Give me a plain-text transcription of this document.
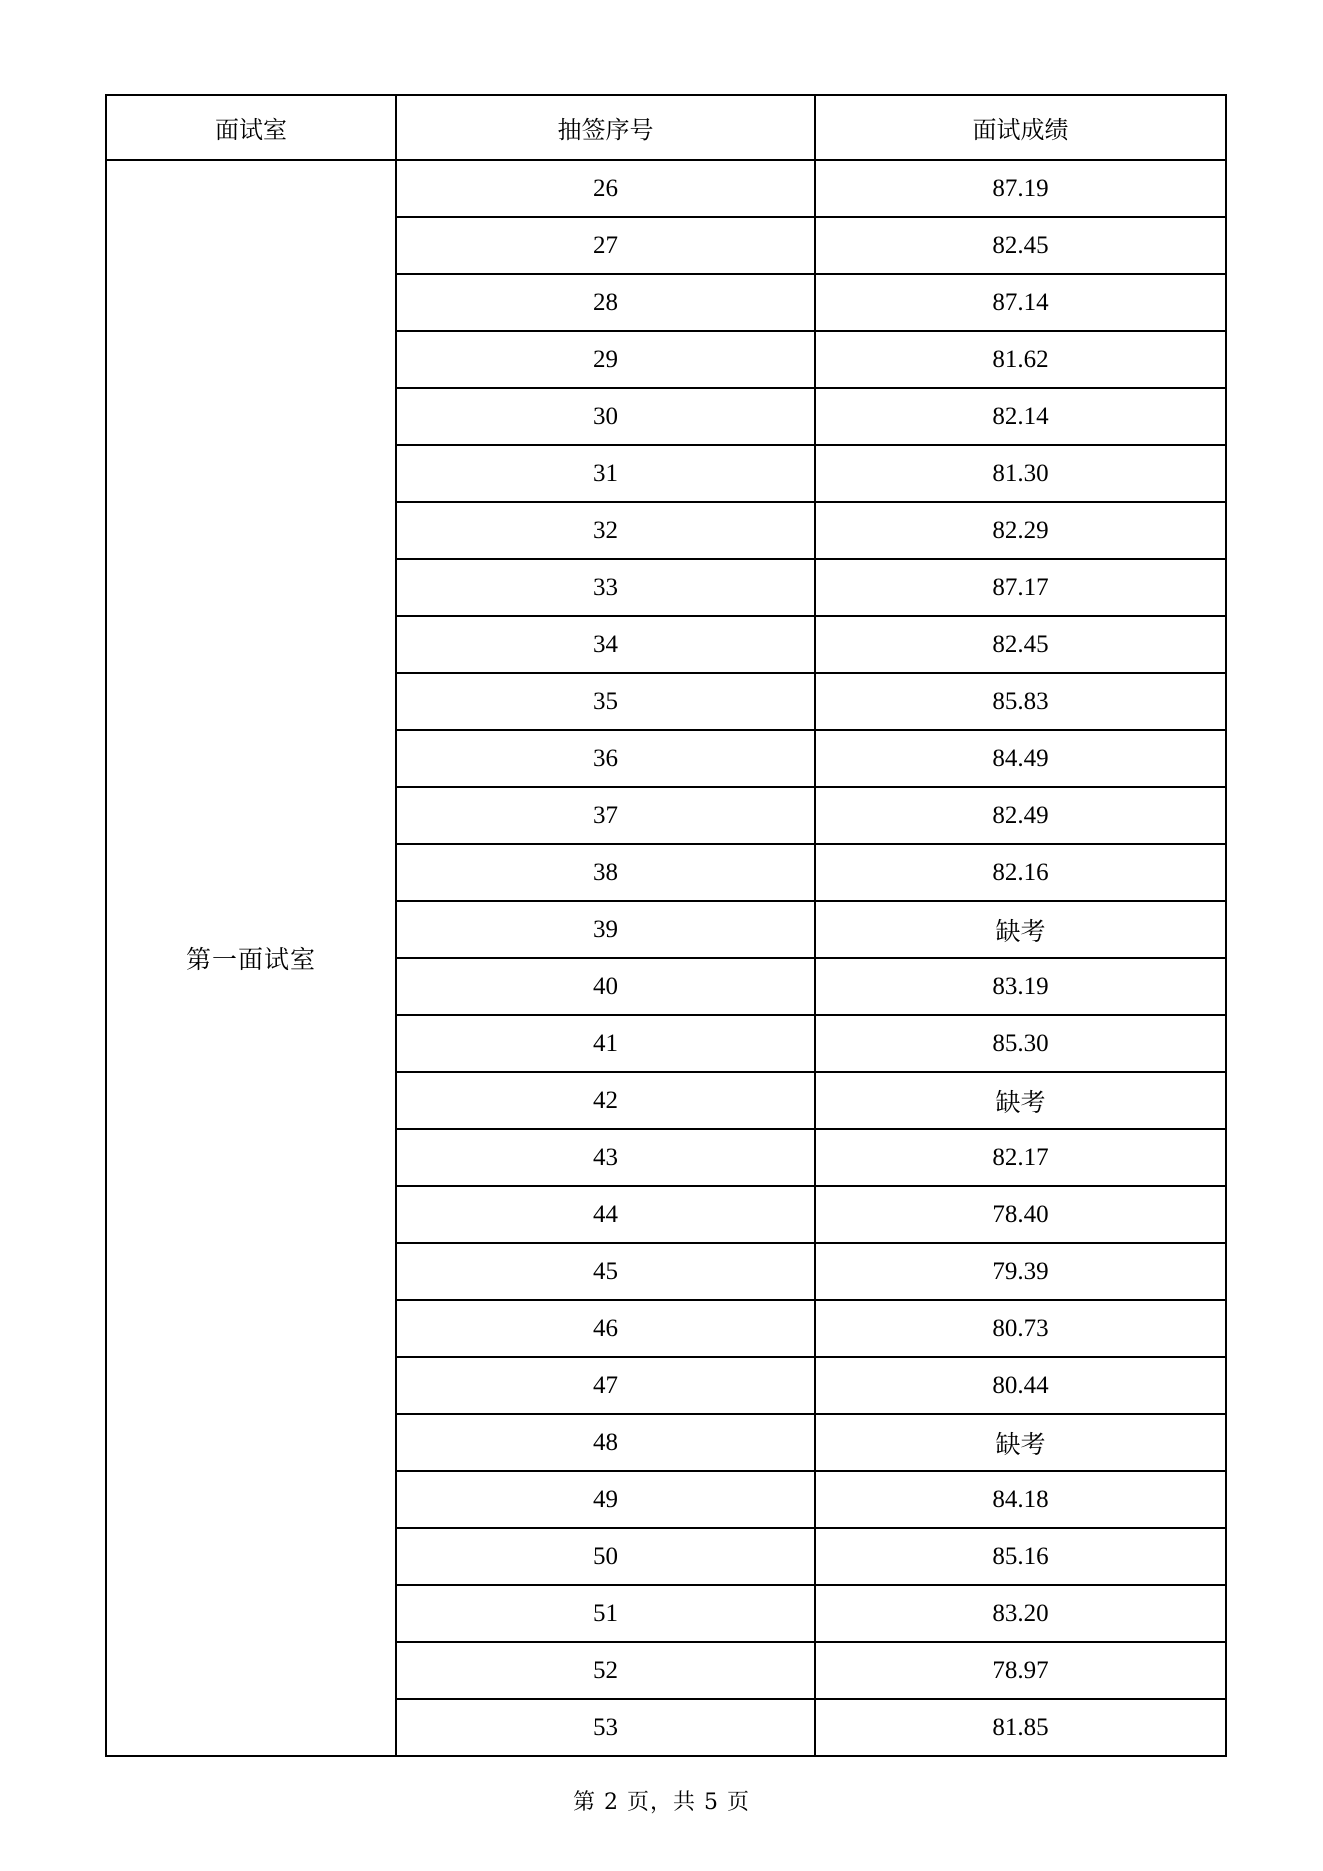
面试室	抽签序号	面试成绩
第一面试室	26	87.19
	27	82.45
	28	87.14
	29	81.62
	30	82.14
	31	81.30
	32	82.29
	33	87.17
	34	82.45
	35	85.83
	36	84.49
	37	82.49
	38	82.16
	39	缺考
	40	83.19
	41	85.30
	42	缺考
	43	82.17
	44	78.40
	45	79.39
	46	80.73
	47	80.44
	48	缺考
	49	84.18
	50	85.16
	51	83.20
	52	78.97
	53	81.85
第 2 页，共 5 页
